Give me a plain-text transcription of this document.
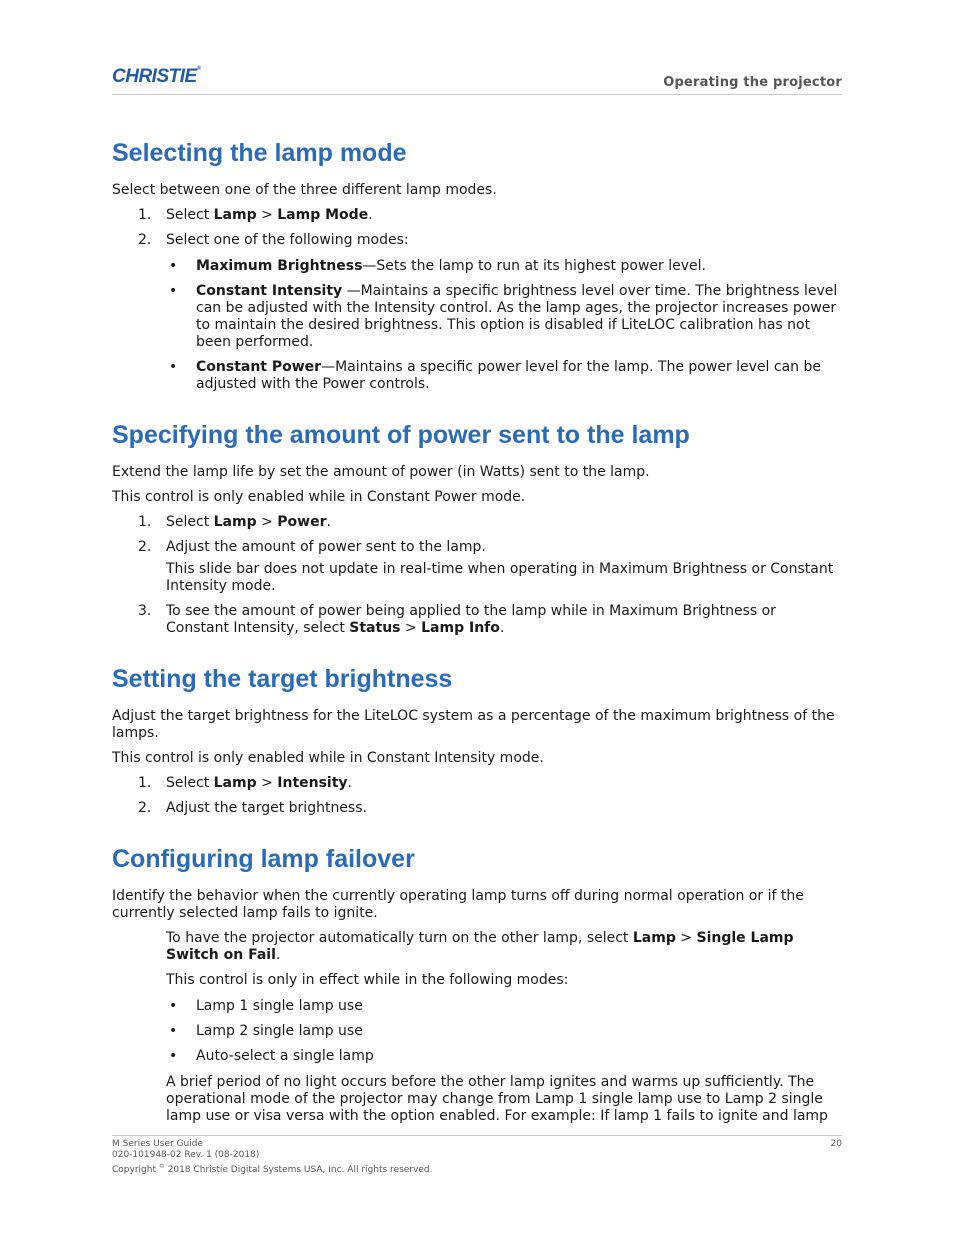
CHRISTIE®
Operating the projector
Selecting the lamp mode

Select between one of the three different lamp modes.

1. Select Lamp > Lamp Mode.
2. Select one of the following modes:
• Maximum Brightness—Sets the lamp to run at its highest power level.
• Constant Intensity —Maintains a specific brightness level over time. The brightness level can be adjusted with the Intensity control. As the lamp ages, the projector increases power to maintain the desired brightness. This option is disabled if LiteLOC calibration has not been performed.
• Constant Power—Maintains a specific power level for the lamp. The power level can be adjusted with the Power controls.
Specifying the amount of power sent to the lamp

Extend the lamp life by set the amount of power (in Watts) sent to the lamp.

This control is only enabled while in Constant Power mode.

1. Select Lamp > Power.
2. Adjust the amount of power sent to the lamp.

This slide bar does not update in real-time when operating in Maximum Brightness or Constant Intensity mode.

3. To see the amount of power being applied to the lamp while in Maximum Brightness or Constant Intensity, select Status > Lamp Info.
Setting the target brightness

Adjust the target brightness for the LiteLOC system as a percentage of the maximum brightness of the lamps.

This control is only enabled while in Constant Intensity mode.

1. Select Lamp > Intensity.
2. Adjust the target brightness.
Configuring lamp failover

Identify the behavior when the currently operating lamp turns off during normal operation or if the currently selected lamp fails to ignite.

To have the projector automatically turn on the other lamp, select Lamp > Single Lamp Switch on Fail.

This control is only in effect while in the following modes:

• Lamp 1 single lamp use
• Lamp 2 single lamp use
• Auto-select a single lamp

A brief period of no light occurs before the other lamp ignites and warms up sufficiently. The operational mode of the projector may change from Lamp 1 single lamp use to Lamp 2 single lamp use or visa versa with the option enabled. For example: If lamp 1 fails to ignite and lamp

M Series User Guide
020-101948-02 Rev. 1 (08-2018)
Copyright © 2018 Christie Digital Systems USA, Inc. All rights reserved.
20
